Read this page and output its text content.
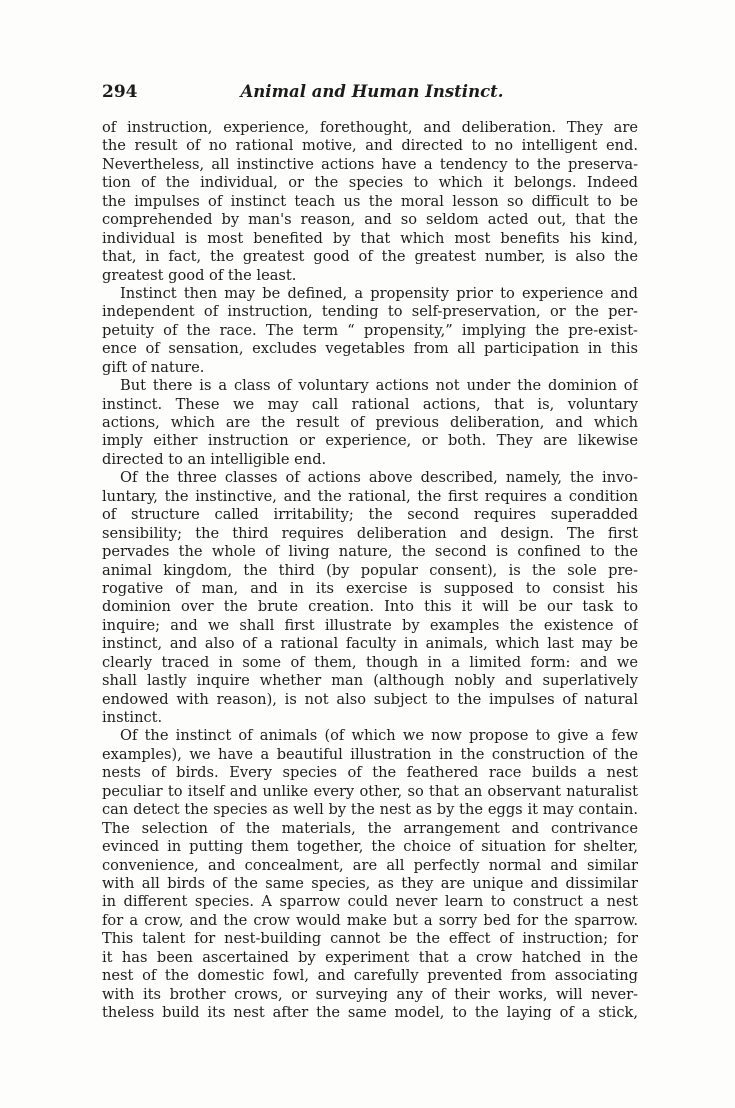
294	Animal and Human Instinct.
of instruction, experience, forethought, and deliberation. They are
the result of no rational motive, and directed to no intelligent end.
Nevertheless, all instinctive actions have a tendency to the preserva-
tion of the individual, or the species to which it belongs. Indeed
the impulses of instinct teach us the moral lesson so difficult to be
comprehended by man's reason, and so seldom acted out, that the
individual is most benefited by that which most benefits his kind,
that, in fact, the greatest good of the greatest number, is also the
greatest good of the least.
Instinct then may be defined, a propensity prior to experience and
independent of instruction, tending to self-preservation, or the per-
petuity of the race. The term “ propensity,” implying the pre-exist-
ence of sensation, excludes vegetables from all participation in this
gift of nature.
But there is a class of voluntary actions not under the dominion of
instinct. These we may call rational actions, that is, voluntary
actions, which are the result of previous deliberation, and which
imply either instruction or experience, or both. They are likewise
directed to an intelligible end.
Of the three classes of actions above described, namely, the invo-
luntary, the instinctive, and the rational, the first requires a condition
of structure called irritability; the second requires superadded
sensibility; the third requires deliberation and design. The first
pervades the whole of living nature, the second is confined to the
animal kingdom, the third (by popular consent), is the sole pre-
rogative of man, and in its exercise is supposed to consist his
dominion over the brute creation. Into this it will be our task to
inquire; and we shall first illustrate by examples the existence of
instinct, and also of a rational faculty in animals, which last may be
clearly traced in some of them, though in a limited form: and we
shall lastly inquire whether man (although nobly and superlatively
endowed with reason), is not also subject to the impulses of natural
instinct.
Of the instinct of animals (of which we now propose to give a few
examples), we have a beautiful illustration in the construction of the
nests of birds. Every species of the feathered race builds a nest
peculiar to itself and unlike every other, so that an observant naturalist
can detect the species as well by the nest as by the eggs it may contain.
The selection of the materials, the arrangement and contrivance
evinced in putting them together, the choice of situation for shelter,
convenience, and concealment, are all perfectly normal and similar
with all birds of the same species, as they are unique and dissimilar
in different species. A sparrow could never learn to construct a nest
for a crow, and the crow would make but a sorry bed for the sparrow.
This talent for nest-building cannot be the effect of instruction; for
it has been ascertained by experiment that a crow hatched in the
nest of the domestic fowl, and carefully prevented from associating
with its brother crows, or surveying any of their works, will never-
theless build its nest after the same model, to the laying of a stick,
